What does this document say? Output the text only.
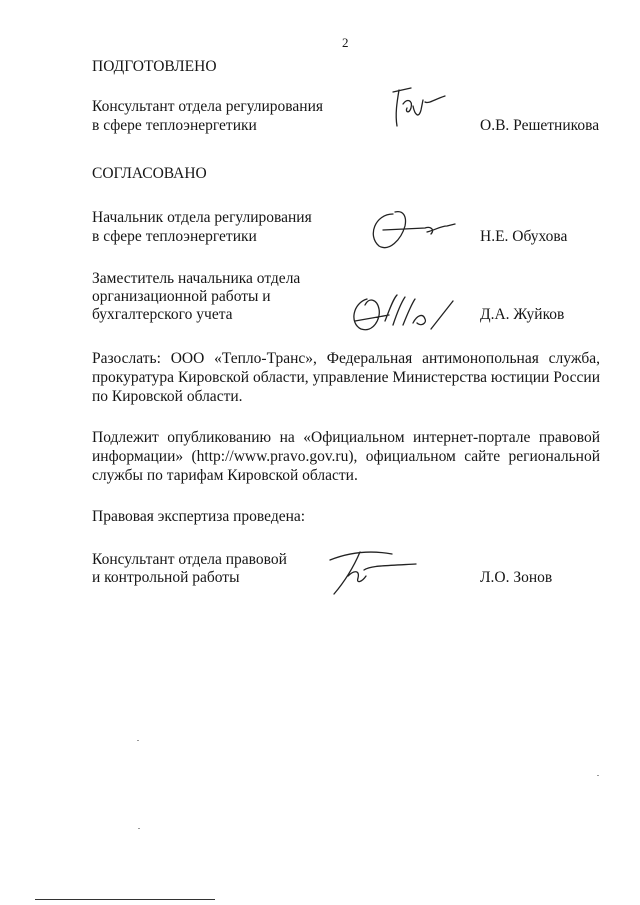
2
ПОДГОТОВЛЕНО
Консультант отдела регулирования
в сфере теплоэнергетики	О.В. Решетникова
СОГЛАСОВАНО
Начальник отдела регулирования
в сфере теплоэнергетики	Н.Е. Обухова
Заместитель начальника отдела
организационной работы и
бухгалтерского учета	Д.А. Жуйков
Разослать: ООО «Тепло-Транс», Федеральная антимонопольная служба, прокуратура Кировской области, управление Министерства юстиции России по Кировской области.
Подлежит опубликованию на «Официальном интернет-портале правовой информации» (http://www.pravo.gov.ru), официальном сайте региональной службы по тарифам Кировской области.
Правовая экспертиза проведена:
Консультант отдела правовой
и контрольной работы	Л.О. Зонов
